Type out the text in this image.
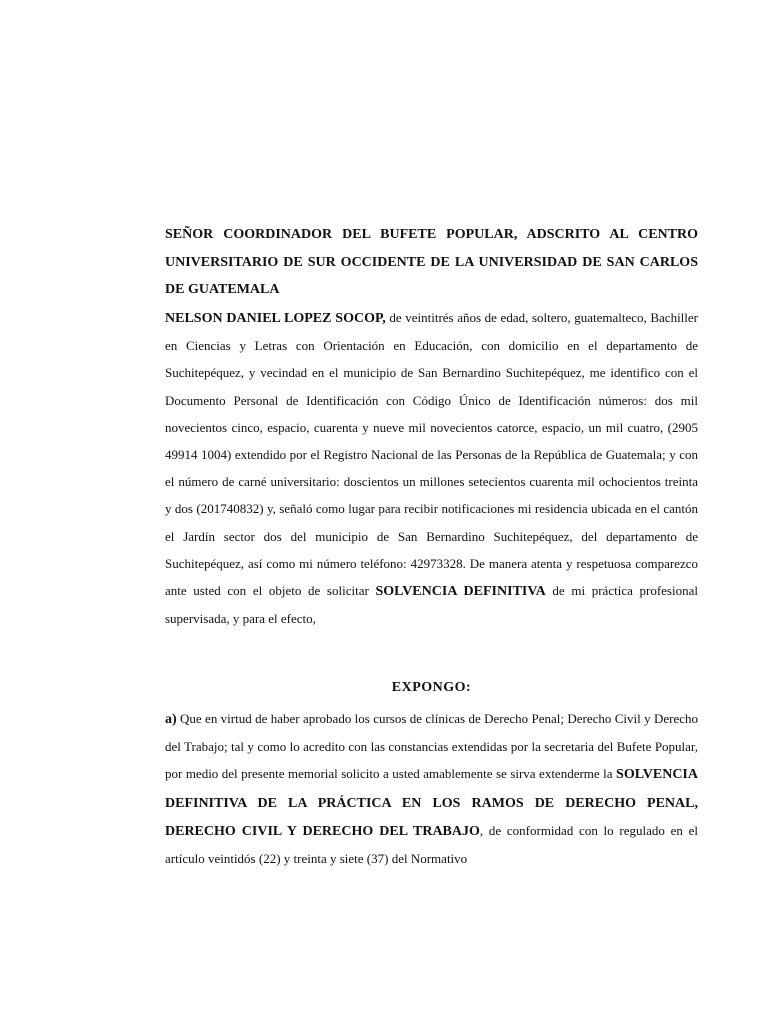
SEÑOR COORDINADOR DEL BUFETE POPULAR, ADSCRITO AL CENTRO UNIVERSITARIO DE SUR OCCIDENTE DE LA UNIVERSIDAD DE SAN CARLOS DE GUATEMALA
NELSON DANIEL LOPEZ SOCOP, de veintitrés años de edad, soltero, guatemalteco, Bachiller en Ciencias y Letras con Orientación en Educación, con domicilio en el departamento de Suchitepéquez, y vecindad en el municipio de San Bernardino Suchitepéquez, me identifico con el Documento Personal de Identificación con Código Único de Identificación números: dos mil novecientos cinco, espacio, cuarenta y nueve mil novecientos catorce, espacio, un mil cuatro, (2905 49914 1004) extendido por el Registro Nacional de las Personas de la República de Guatemala; y con el número de carné universitario: doscientos un millones setecientos cuarenta mil ochocientos treinta y dos (201740832) y, señaló como lugar para recibir notificaciones mi residencia ubicada en el cantón el Jardín sector dos del municipio de San Bernardino Suchitepéquez, del departamento de Suchitepéquez, así como mi número teléfono: 42973328. De manera atenta y respetuosa comparezco ante usted con el objeto de solicitar SOLVENCIA DEFINITIVA de mi práctica profesional supervisada, y para el efecto,
EXPONGO:
a) Que en virtud de haber aprobado los cursos de clínicas de Derecho Penal; Derecho Civil y Derecho del Trabajo; tal y como lo acredito con las constancias extendidas por la secretaria del Bufete Popular, por medio del presente memorial solicito a usted amablemente se sirva extenderme la SOLVENCIA DEFINITIVA DE LA PRÁCTICA EN LOS RAMOS DE DERECHO PENAL, DERECHO CIVIL Y DERECHO DEL TRABAJO, de conformidad con lo regulado en el artículo veintidós (22) y treinta y siete (37) del Normativo
